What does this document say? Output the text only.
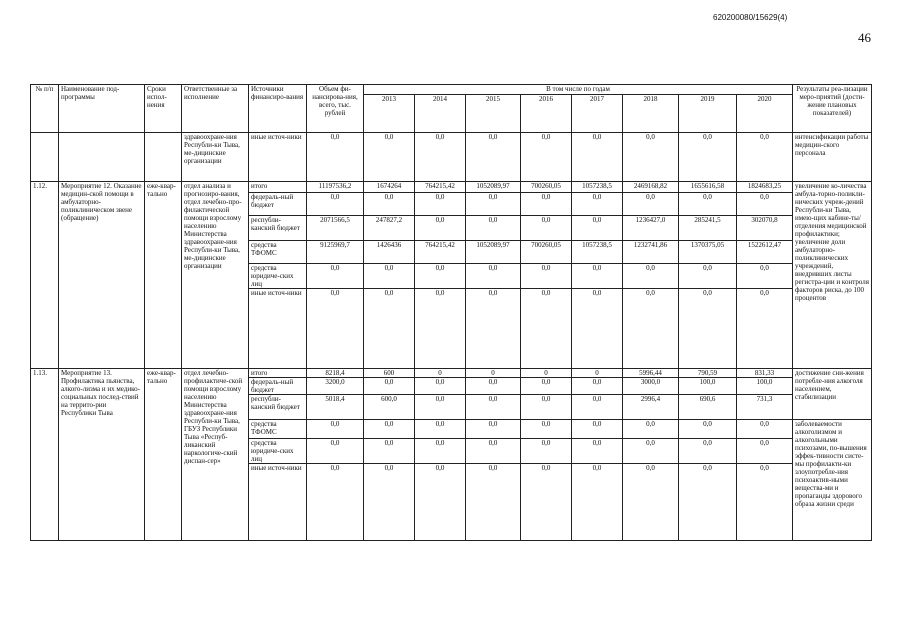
620200080/15629(4)
46
№ п/п	Наименование под-программы	Сроки испол-нения	Ответственные за исполнение	Источники финансиро-вания	Объем фи-нансирова-ния, всего, тыс. рублей	В том числе по годам								Результаты реа-лизации меро-приятий (дости-жение плановых показателей)
						2013	2014	2015	2016	2017	2018	2019	2020	
			здравоохране-ния Республи-ки Тыва, ме-дицинские организации	иные источ-ники	0,0	0,0	0,0	0,0	0,0	0,0	0,0	0,0	0,0	интенсификации работы медицин-ского персонала
1.12.	Мероприятие 12. Оказание медицин-ской помощи в амбулаторно-поликлиническом звене (обращение)	еже-квар-тально	отдел анализа и прогнозиро-вания, отдел лечебно-про-филактической помощи взрослому населению Министерства здравоохране-ния Республи-ки Тыва, ме-дицинские организации	итого	11197536,2	1674264	764215,42	1052089,97	700260,05	1057238,5	2469168,82	1655616,58	1824683,25	увеличение ко-личества амбула-торно-поликли-нических учреж-дений Республи-ки Тыва, имею-щих кабине-ты/отделения медицинской профилактики; увеличение доли амбулаторно-поликлинических учреждений, внедривших листы регистра-ции и контроля факторов риска, до 100 процентов
				федераль-ный бюджет	0,0	0,0	0,0	0,0	0,0	0,0	0,0	0,0	0,0	
				республи-канский бюджет	2071566,5	247827,2	0,0	0,0	0,0	0,0	1236427,0	285241,5	302070,8	
				средства ТФОМС	9125969,7	1426436	764215,42	1052089,97	700260,05	1057238,5	1232741,86	1370375,05	1522612,47	
				средства юридиче-ских лиц	0,0	0,0	0,0	0,0	0,0	0,0	0,0	0,0	0,0	
				иные источ-ники	0,0	0,0	0,0	0,0	0,0	0,0	0,0	0,0	0,0	
1.13.	Мероприятие 13. Профилактика пьянства, алкого-лизма и их медико-социальных послед-ствий на террито-рии Республики Тыва	еже-квар-тально	отдел лечебно-профилактиче-ской помощи взрослому населению Министерства здравоохране-ния Республи-ки Тыва, ГБУЗ Республики Тыва «Респуб-ликанский наркологиче-ский диспан-сер»	итого	8218,4	600	0	0	0	0	5996,44	790,59	831,33	достижение сни-жения потребле-ния алкоголя населением, стабилизации
				федераль-ный бюджет	3200,0	0,0	0,0	0,0	0,0	0,0	3000,0	100,0	100,0	
				республи-канский бюджет	5018,4	600,0	0,0	0,0	0,0	0,0	2996,4	690,6	731,3	
				средства ТФОМС	0,0	0,0	0,0	0,0	0,0	0,0	0,0	0,0	0,0	заболеваемости алкоголизмом и алкогольными психозами, по-вышения эффек-тивности систе-мы профилакти-ки злоупотребле-ния психоактив-ными вещества-ми и пропаганды здорового образа жизни среди
				средства юридиче-ских лиц	0,0	0,0	0,0	0,0	0,0	0,0	0,0	0,0	0,0	
				иные источ-ники	0,0	0,0	0,0	0,0	0,0	0,0	0,0	0,0	0,0	
